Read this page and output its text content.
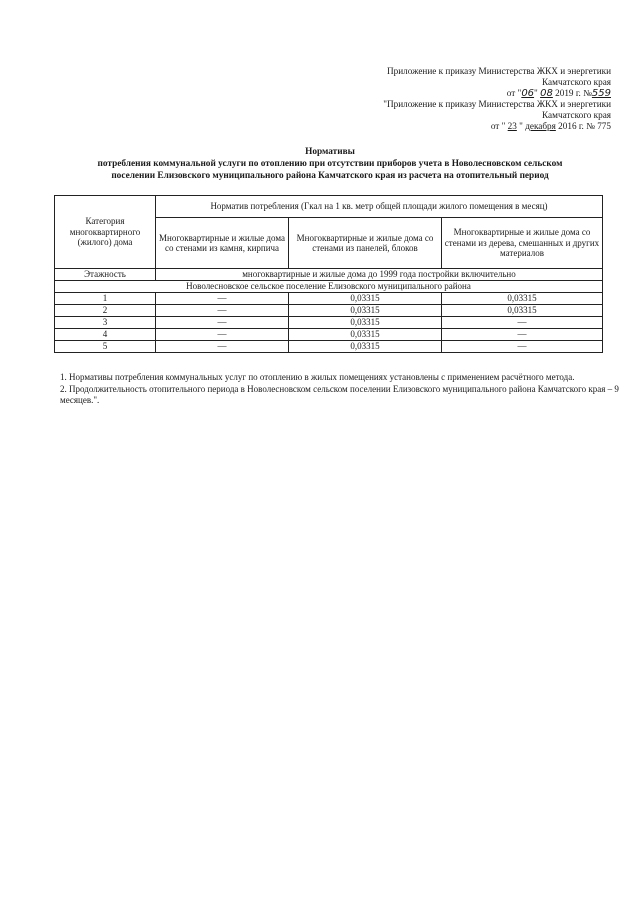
Приложение к приказу Министерства ЖКХ и энергетики
Камчатского края
от "06" 08 2019 г. №559
"Приложение к приказу Министерства ЖКХ и энергетики
Камчатского края
от " 23 " декабря 2016 г. № 775
Нормативы
потребления коммунальной услуги по отоплению при отсутствии приборов учета в Новолесновском сельском
поселении Елизовского муниципального района Камчатского края из расчета на отопительный период
Категория многоквартирного (жилого) дома	Норматив потребления (Гкал на 1 кв. метр общей площади жилого помещения в месяц)		
	Многоквартирные и жилые дома со стенами из камня, кирпича	Многоквартирные и жилые дома со стенами из панелей, блоков	Многоквартирные и жилые дома со стенами из дерева, смешанных и других материалов
Этажность	многоквартирные и жилые дома до 1999 года постройки включительно		
Новолесновское сельское поселение Елизовского муниципального района			
1	—	0,03315	0,03315
2	—	0,03315	0,03315
3	—	0,03315	—
4	—	0,03315	—
5	—	0,03315	—
1. Нормативы потребления коммунальных услуг по отоплению в жилых помещениях установлены с применением расчётного метода.
2. Продолжительность отопительного периода в Новолесновском сельском поселении Елизовского муниципального района Камчатского края – 9 месяцев.".
